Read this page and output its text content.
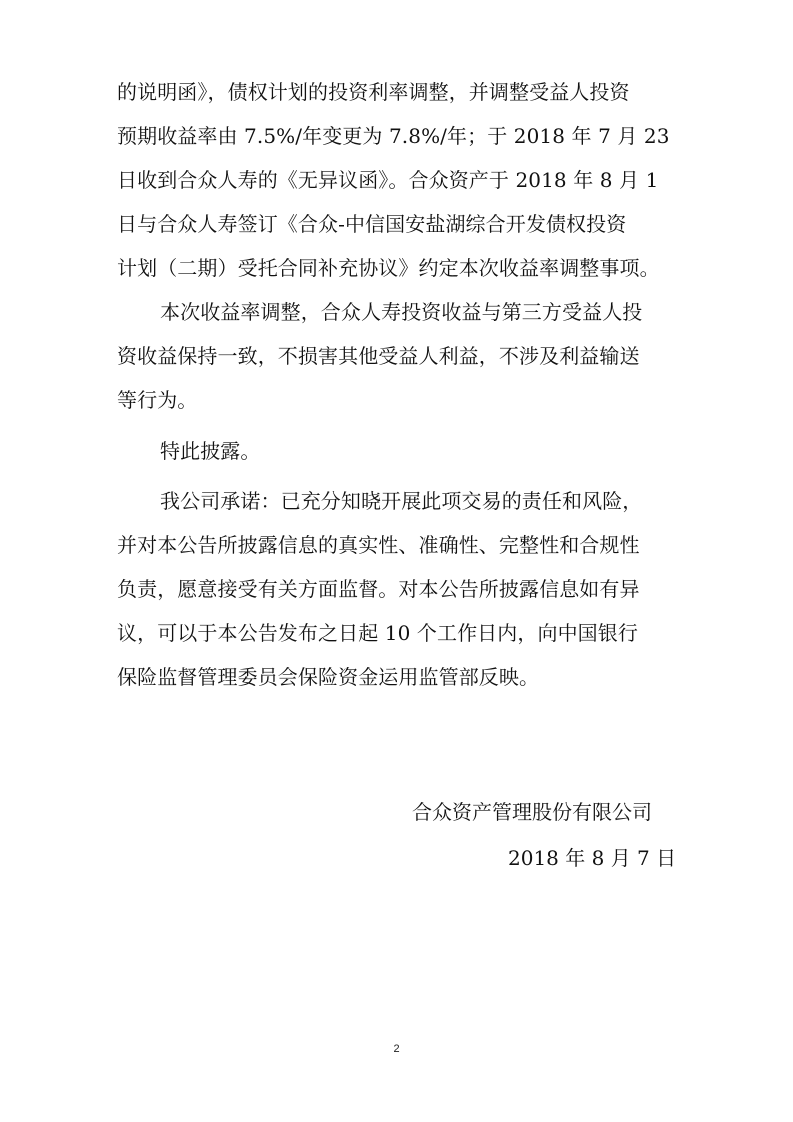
的说明函》，债权计划的投资利率调整，并调整受益人投资
预期收益率由 7.5%/年变更为 7.8%/年；于 2018 年 7 月 23
日收到合众人寿的《无异议函》。合众资产于 2018 年 8 月 1
日与合众人寿签订《合众-中信国安盐湖综合开发债权投资
计划（二期）受托合同补充协议》约定本次收益率调整事项。
本次收益率调整，合众人寿投资收益与第三方受益人投
资收益保持一致，不损害其他受益人利益，不涉及利益输送
等行为。
特此披露。
我公司承诺：已充分知晓开展此项交易的责任和风险，
并对本公告所披露信息的真实性、准确性、完整性和合规性
负责，愿意接受有关方面监督。对本公告所披露信息如有异
议，可以于本公告发布之日起 10 个工作日内，向中国银行
保险监督管理委员会保险资金运用监管部反映。
合众资产管理股份有限公司
2018 年 8 月 7 日
2
